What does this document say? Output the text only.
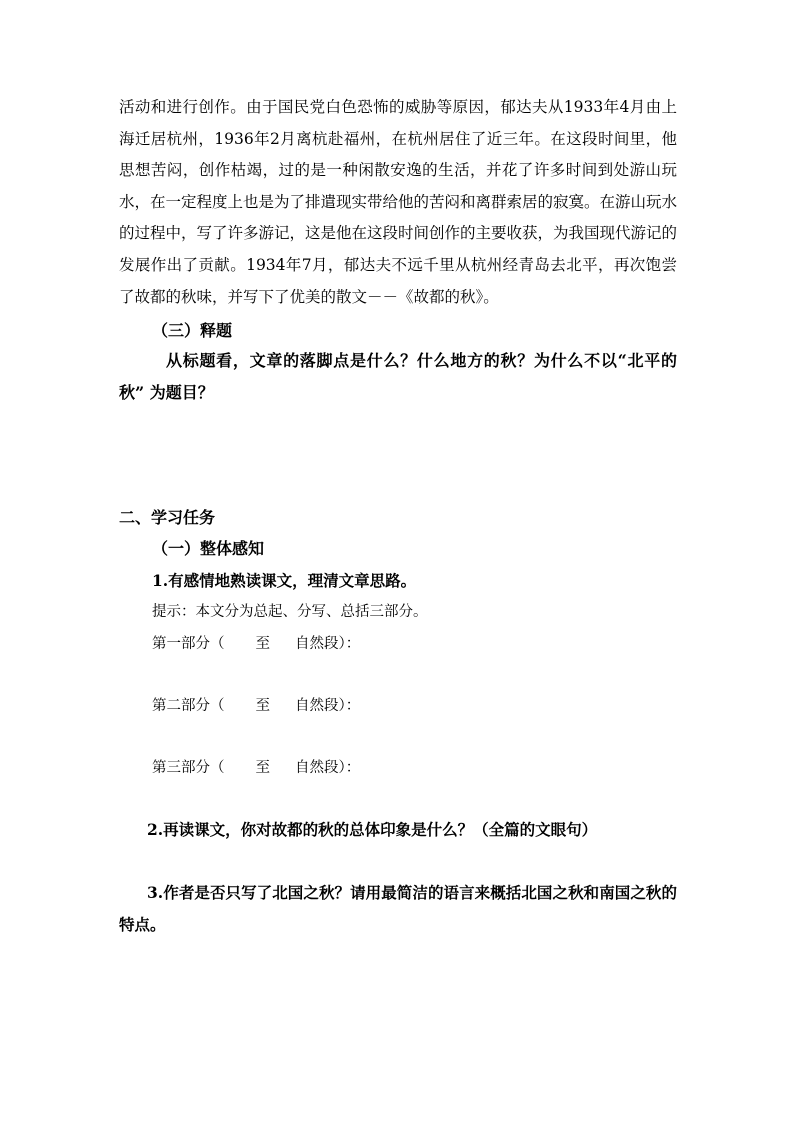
活动和进行创作。由于国民党白色恐怖的威胁等原因，郁达夫从1933年4月由上海迁居杭州，1936年2月离杭赴福州，在杭州居住了近三年。在这段时间里，他思想苦闷，创作枯竭，过的是一种闲散安逸的生活，并花了许多时间到处游山玩水，在一定程度上也是为了排遣现实带给他的苦闷和离群索居的寂寞。在游山玩水的过程中，写了许多游记，这是他在这段时间创作的主要收获，为我国现代游记的发展作出了贡献。1934年7月，郁达夫不远千里从杭州经青岛去北平，再次饱尝了故都的秋味，并写下了优美的散文－－《故都的秋》。

（三）释题

从标题看，文章的落脚点是什么？什么地方的秋？为什么不以“北平的秋” 为题目？

二、学习任务
（一）整体感知
1.有感情地熟读课文，理清文章思路。
提示：本文分为总起、分写、总括三部分。
第一部分（ 至 自然段）：
第二部分（ 至 自然段）：
第三部分（ 至 自然段）：
2.再读课文，你对故都的秋的总体印象是什么？（全篇的文眼句）

3.作者是否只写了北国之秋？请用最简洁的语言来概括北国之秋和南国之秋的特点。
